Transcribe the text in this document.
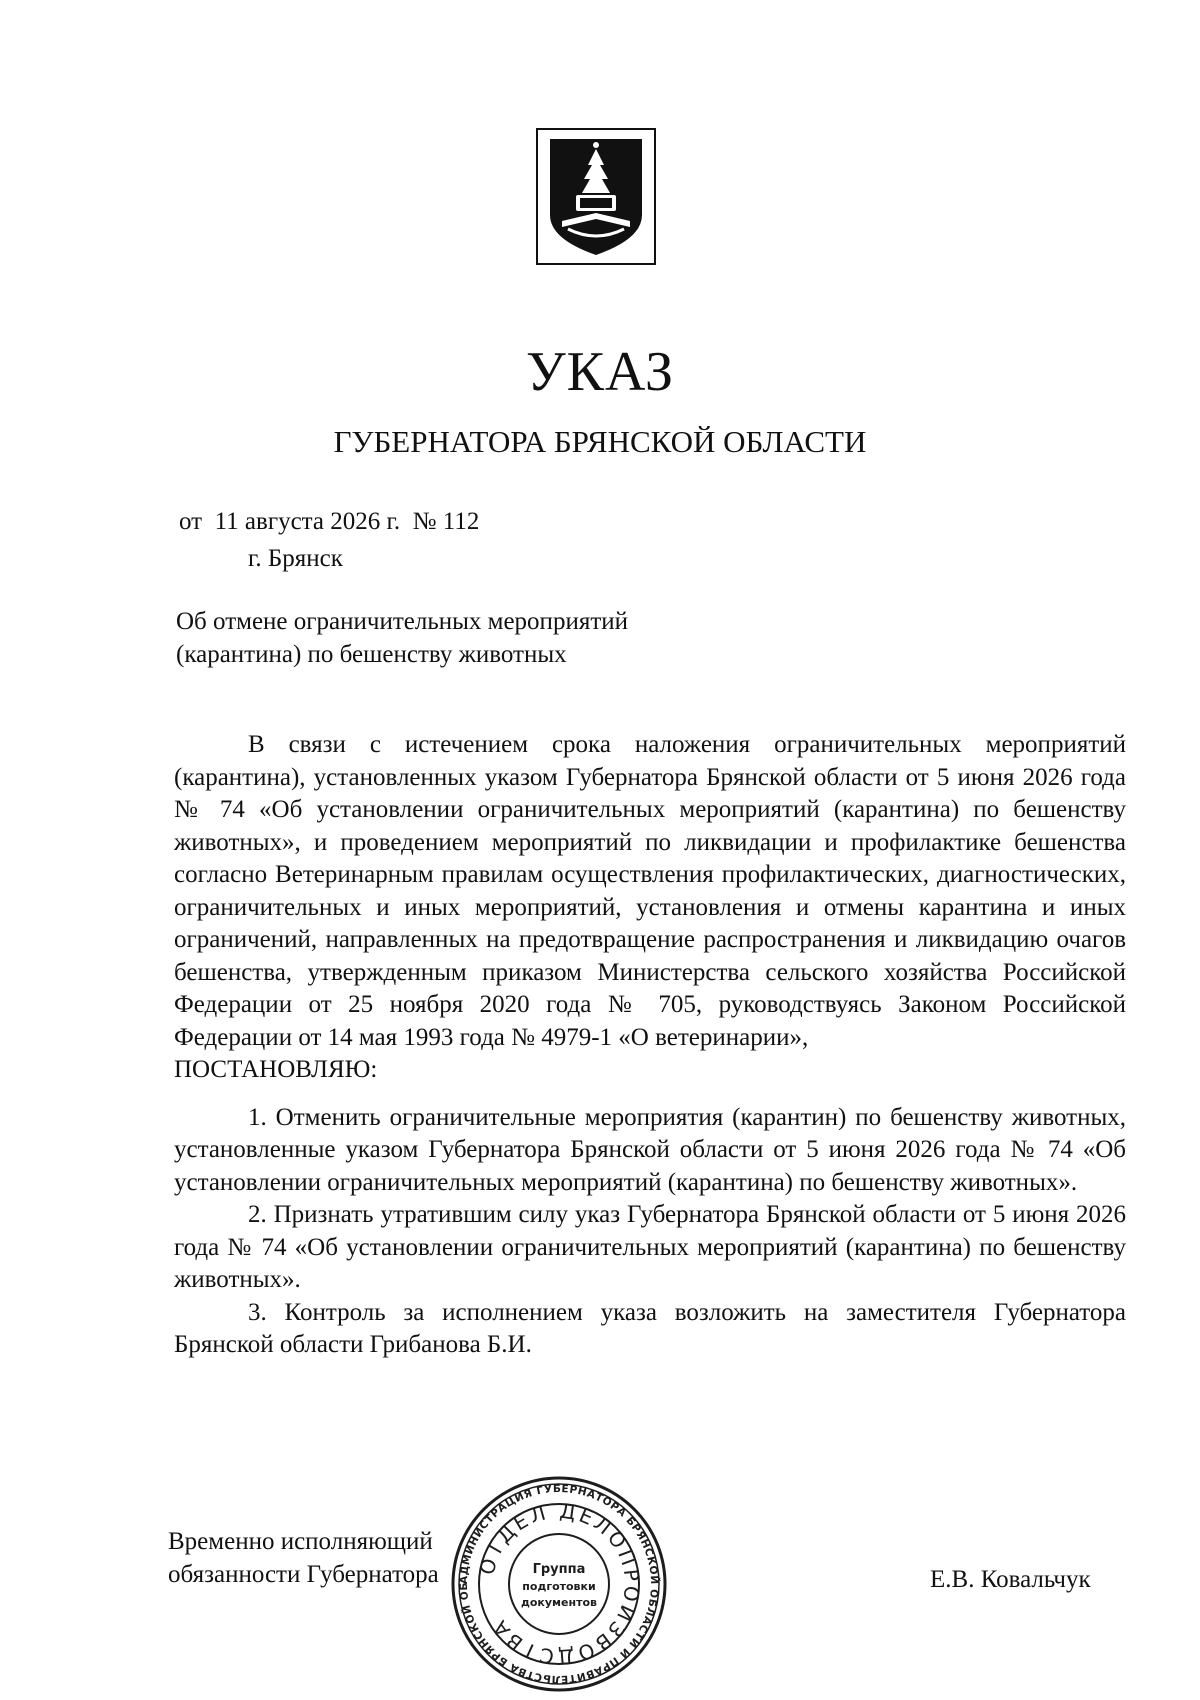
УКАЗ
ГУБЕРНАТОРА БРЯНСКОЙ ОБЛАСТИ
от  11 августа 2026 г.  № 112
г. Брянск
Об отмене ограничительных мероприятий
(карантина) по бешенству животных

В связи с истечением срока наложения ограничительных мероприятий (карантина), установленных указом Губернатора Брянской области от 5 июня 2026 года № 74 «Об установлении ограничительных мероприятий (карантина) по бешенству животных», и проведением мероприятий по ликвидации и профилактике бешенства согласно Ветеринарным правилам осуществления профилактических, диагностических, ограничительных и иных мероприятий, установления и отмены карантина и иных ограничений, направленных на предотвращение распространения и ликвидацию очагов бешенства, утвержденным приказом Министерства сельского хозяйства Российской Федерации от 25 ноября 2020 года № 705, руководствуясь Законом Российской Федерации от 14 мая 1993 года № 4979-1 «О ветеринарии»,

ПОСТАНОВЛЯЮ:

1. Отменить ограничительные мероприятия (карантин) по бешенству животных, установленные указом Губернатора Брянской области от 5 июня 2026 года № 74 «Об установлении ограничительных мероприятий (карантина) по бешенству животных».

2. Признать утратившим силу указ Губернатора Брянской области от 5 июня 2026 года № 74 «Об установлении ограничительных мероприятий (карантина) по бешенству животных».

3. Контроль за исполнением указа возложить на заместителя Губернатора Брянской области Грибанова Б.И.

Временно исполняющий
обязанности Губернатора	Е.В. Ковальчук
АДМИНИСТРАЦИЯ ГУБЕРНАТОРА БРЯНСКОЙ ОБЛАСТИ И ПРАВИТЕЛЬСТВА БРЯНСКОЙ ОБ
ОТДЕЛ ДЕЛОПРОИЗВОДСТВА
Группа
подготовки
документов
